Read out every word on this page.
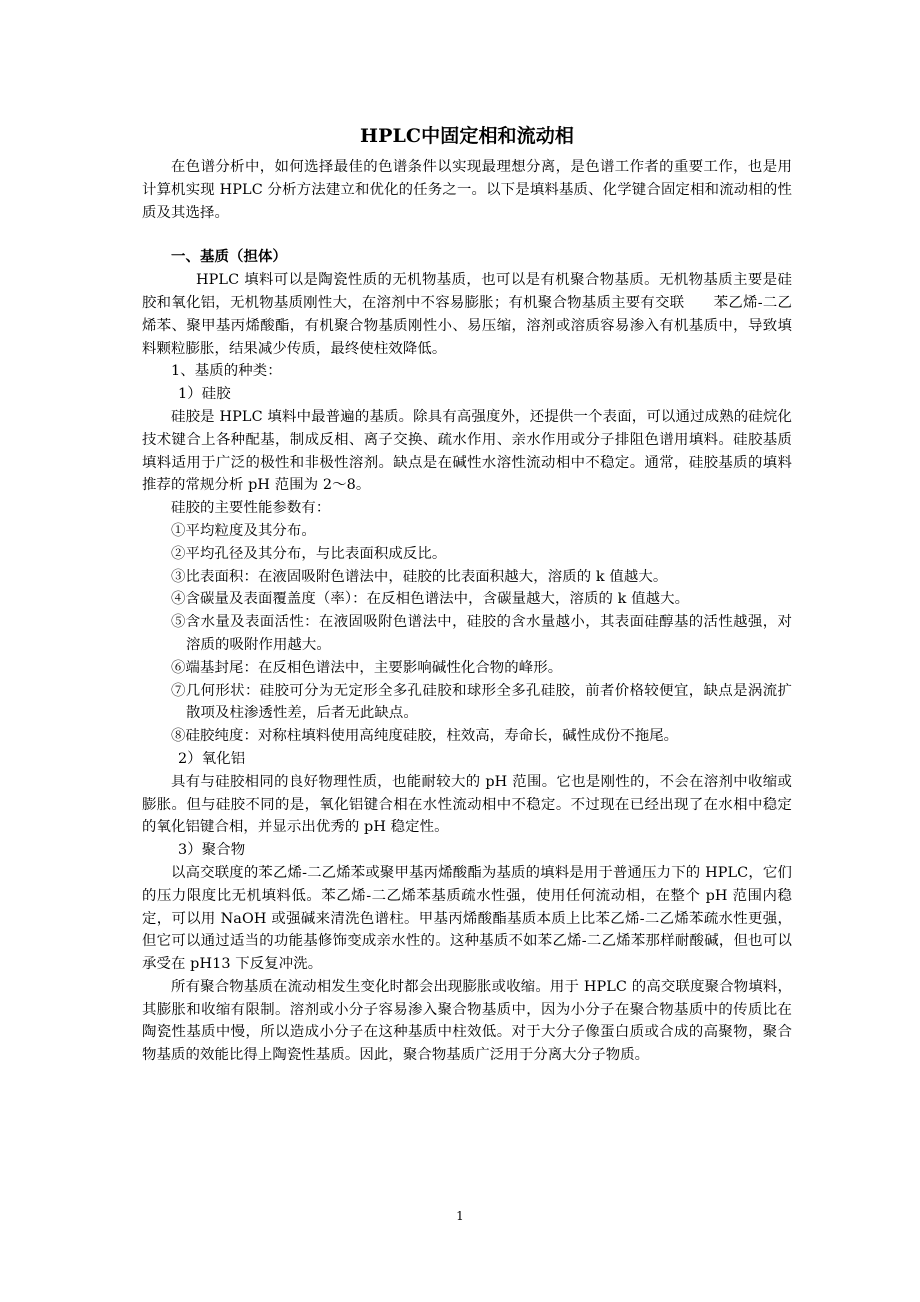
HPLC中固定相和流动相

在色谱分析中，如何选择最佳的色谱条件以实现最理想分离，是色谱工作者的重要工作，也是用计算机实现 HPLC 分析方法建立和优化的任务之一。以下是填料基质、化学键合固定相和流动相的性质及其选择。

一、基质（担体）

HPLC 填料可以是陶瓷性质的无机物基质，也可以是有机聚合物基质。无机物基质主要是硅胶和氧化铝，无机物基质刚性大，在溶剂中不容易膨胀；有机聚合物基质主要有交联　　苯乙烯-二乙烯苯、聚甲基丙烯酸酯，有机聚合物基质刚性小、易压缩，溶剂或溶质容易渗入有机基质中，导致填料颗粒膨胀，结果减少传质，最终使柱效降低。

1、基质的种类：

1）硅胶

硅胶是 HPLC 填料中最普遍的基质。除具有高强度外，还提供一个表面，可以通过成熟的硅烷化技术键合上各种配基，制成反相、离子交换、疏水作用、亲水作用或分子排阻色谱用填料。硅胶基质填料适用于广泛的极性和非极性溶剂。缺点是在碱性水溶性流动相中不稳定。通常，硅胶基质的填料推荐的常规分析 pH 范围为 2～8。

硅胶的主要性能参数有：

①平均粒度及其分布。

②平均孔径及其分布，与比表面积成反比。

③比表面积：在液固吸附色谱法中，硅胶的比表面积越大，溶质的 k 值越大。

④含碳量及表面覆盖度（率）：在反相色谱法中，含碳量越大，溶质的 k 值越大。

⑤含水量及表面活性：在液固吸附色谱法中，硅胶的含水量越小，其表面硅醇基的活性越强，对溶质的吸附作用越大。

⑥端基封尾：在反相色谱法中，主要影响碱性化合物的峰形。

⑦几何形状：硅胶可分为无定形全多孔硅胶和球形全多孔硅胶，前者价格较便宜，缺点是涡流扩散项及柱渗透性差，后者无此缺点。

⑧硅胶纯度：对称柱填料使用高纯度硅胶，柱效高，寿命长，碱性成份不拖尾。

2）氧化铝

具有与硅胶相同的良好物理性质，也能耐较大的 pH 范围。它也是刚性的，不会在溶剂中收缩或膨胀。但与硅胶不同的是，氧化铝键合相在水性流动相中不稳定。不过现在已经出现了在水相中稳定的氧化铝键合相，并显示出优秀的 pH 稳定性。

3）聚合物

以高交联度的苯乙烯-二乙烯苯或聚甲基丙烯酸酯为基质的填料是用于普通压力下的 HPLC，它们的压力限度比无机填料低。苯乙烯-二乙烯苯基质疏水性强，使用任何流动相，在整个 pH 范围内稳定，可以用 NaOH 或强碱来清洗色谱柱。甲基丙烯酸酯基质本质上比苯乙烯-二乙烯苯疏水性更强，但它可以通过适当的功能基修饰变成亲水性的。这种基质不如苯乙烯-二乙烯苯那样耐酸碱，但也可以承受在 pH13 下反复冲洗。

所有聚合物基质在流动相发生变化时都会出现膨胀或收缩。用于 HPLC 的高交联度聚合物填料，其膨胀和收缩有限制。溶剂或小分子容易渗入聚合物基质中，因为小分子在聚合物基质中的传质比在陶瓷性基质中慢，所以造成小分子在这种基质中柱效低。对于大分子像蛋白质或合成的高聚物，聚合物基质的效能比得上陶瓷性基质。因此，聚合物基质广泛用于分离大分子物质。

1
